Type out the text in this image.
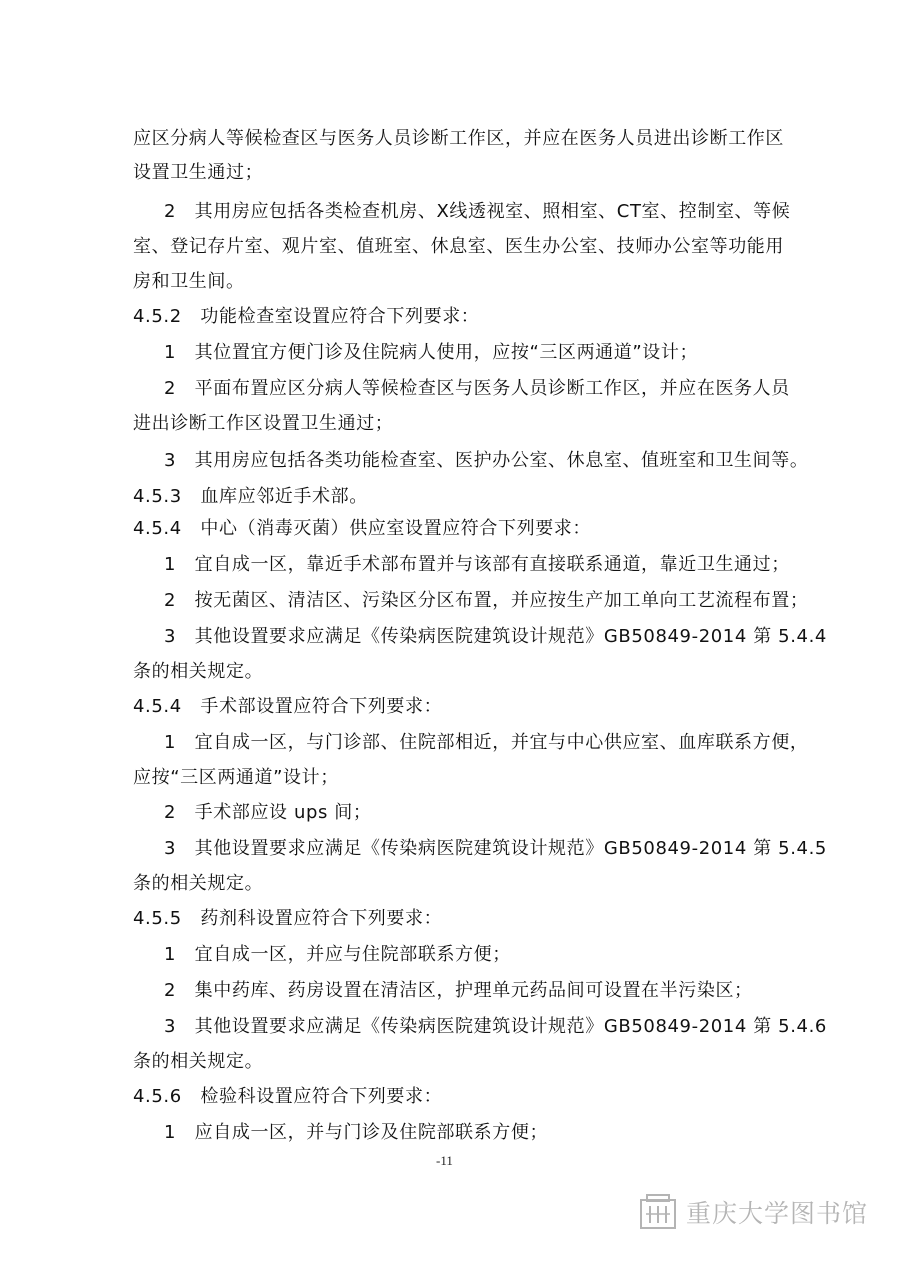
应区分病人等候检查区与医务人员诊断工作区，并应在医务人员进出诊断工作区
设置卫生通过；
2　其用房应包括各类检查机房、X线透视室、照相室、CT室、控制室、等候
室、登记存片室、观片室、值班室、休息室、医生办公室、技师办公室等功能用
房和卫生间。
4.5.2　功能检查室设置应符合下列要求：
1　其位置宜方便门诊及住院病人使用，应按“三区两通道”设计；
2　平面布置应区分病人等候检查区与医务人员诊断工作区，并应在医务人员
进出诊断工作区设置卫生通过；
3　其用房应包括各类功能检查室、医护办公室、休息室、值班室和卫生间等。
4.5.3　血库应邻近手术部。
4.5.4　中心（消毒灭菌）供应室设置应符合下列要求：
1　宜自成一区，靠近手术部布置并与该部有直接联系通道，靠近卫生通过；
2　按无菌区、清洁区、污染区分区布置，并应按生产加工单向工艺流程布置；
3　其他设置要求应满足《传染病医院建筑设计规范》GB50849-2014 第 5.4.4
条的相关规定。
4.5.4　手术部设置应符合下列要求：
1　宜自成一区，与门诊部、住院部相近，并宜与中心供应室、血库联系方便，
应按“三区两通道”设计；
2　手术部应设 ups 间；
3　其他设置要求应满足《传染病医院建筑设计规范》GB50849-2014 第 5.4.5
条的相关规定。
4.5.5　药剂科设置应符合下列要求：
1　宜自成一区，并应与住院部联系方便；
2　集中药库、药房设置在清洁区，护理单元药品间可设置在半污染区；
3　其他设置要求应满足《传染病医院建筑设计规范》GB50849-2014 第 5.4.6
条的相关规定。
4.5.6　检验科设置应符合下列要求：
1　应自成一区，并与门诊及住院部联系方便；
-11
重庆大学图书馆
